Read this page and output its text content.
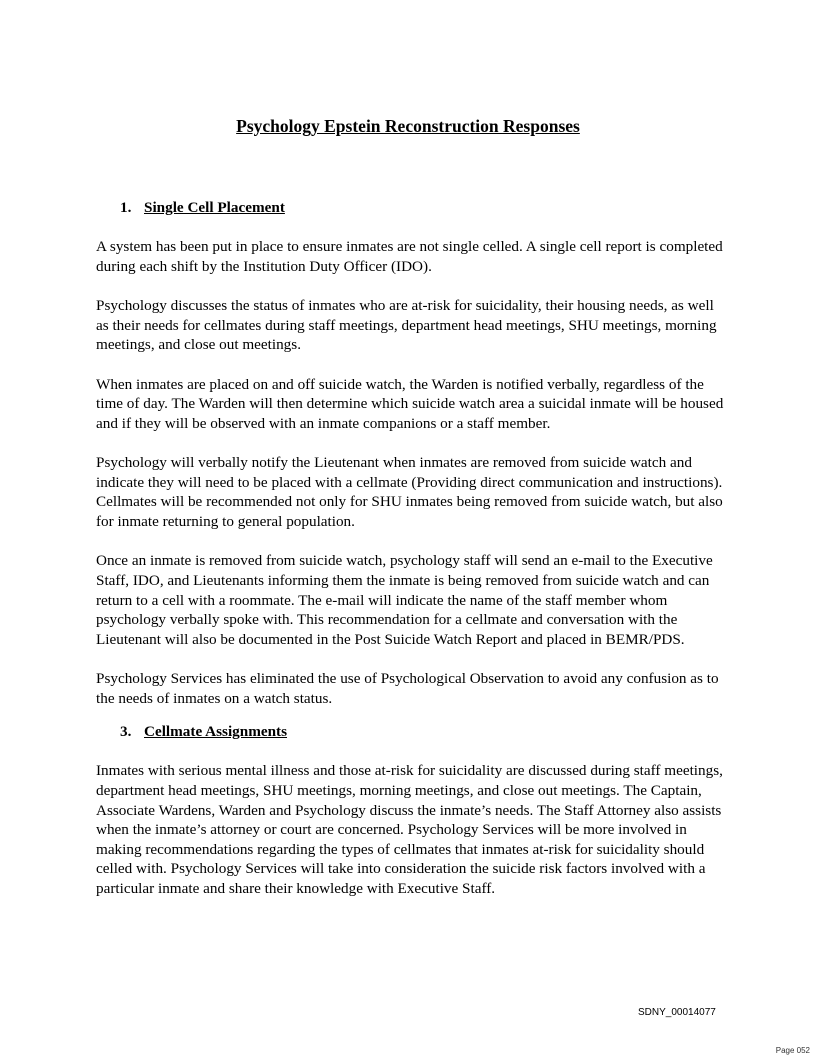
Psychology Epstein Reconstruction Responses
1. Single Cell Placement

A system has been put in place to ensure inmates are not single celled. A single cell report is completed during each shift by the Institution Duty Officer (IDO).

Psychology discusses the status of inmates who are at-risk for suicidality, their housing needs, as well as their needs for cellmates during staff meetings, department head meetings, SHU meetings, morning meetings, and close out meetings.

When inmates are placed on and off suicide watch, the Warden is notified verbally, regardless of the time of day. The Warden will then determine which suicide watch area a suicidal inmate will be housed and if they will be observed with an inmate companions or a staff member.

Psychology will verbally notify the Lieutenant when inmates are removed from suicide watch and indicate they will need to be placed with a cellmate (Providing direct communication and instructions). Cellmates will be recommended not only for SHU inmates being removed from suicide watch, but also for inmate returning to general population.

Once an inmate is removed from suicide watch, psychology staff will send an e-mail to the Executive Staff, IDO, and Lieutenants informing them the inmate is being removed from suicide watch and can return to a cell with a roommate. The e-mail will indicate the name of the staff member whom psychology verbally spoke with. This recommendation for a cellmate and conversation with the Lieutenant will also be documented in the Post Suicide Watch Report and placed in BEMR/PDS.

Psychology Services has eliminated the use of Psychological Observation to avoid any confusion as to the needs of inmates on a watch status.

3. Cellmate Assignments

Inmates with serious mental illness and those at-risk for suicidality are discussed during staff meetings, department head meetings, SHU meetings, morning meetings, and close out meetings. The Captain, Associate Wardens, Warden and Psychology discuss the inmate’s needs. The Staff Attorney also assists when the inmate’s attorney or court are concerned. Psychology Services will be more involved in making recommendations regarding the types of cellmates that inmates at-risk for suicidality should celled with. Psychology Services will take into consideration the suicide risk factors involved with a particular inmate and share their knowledge with Executive Staff.

SDNY_00014077
Page 052
